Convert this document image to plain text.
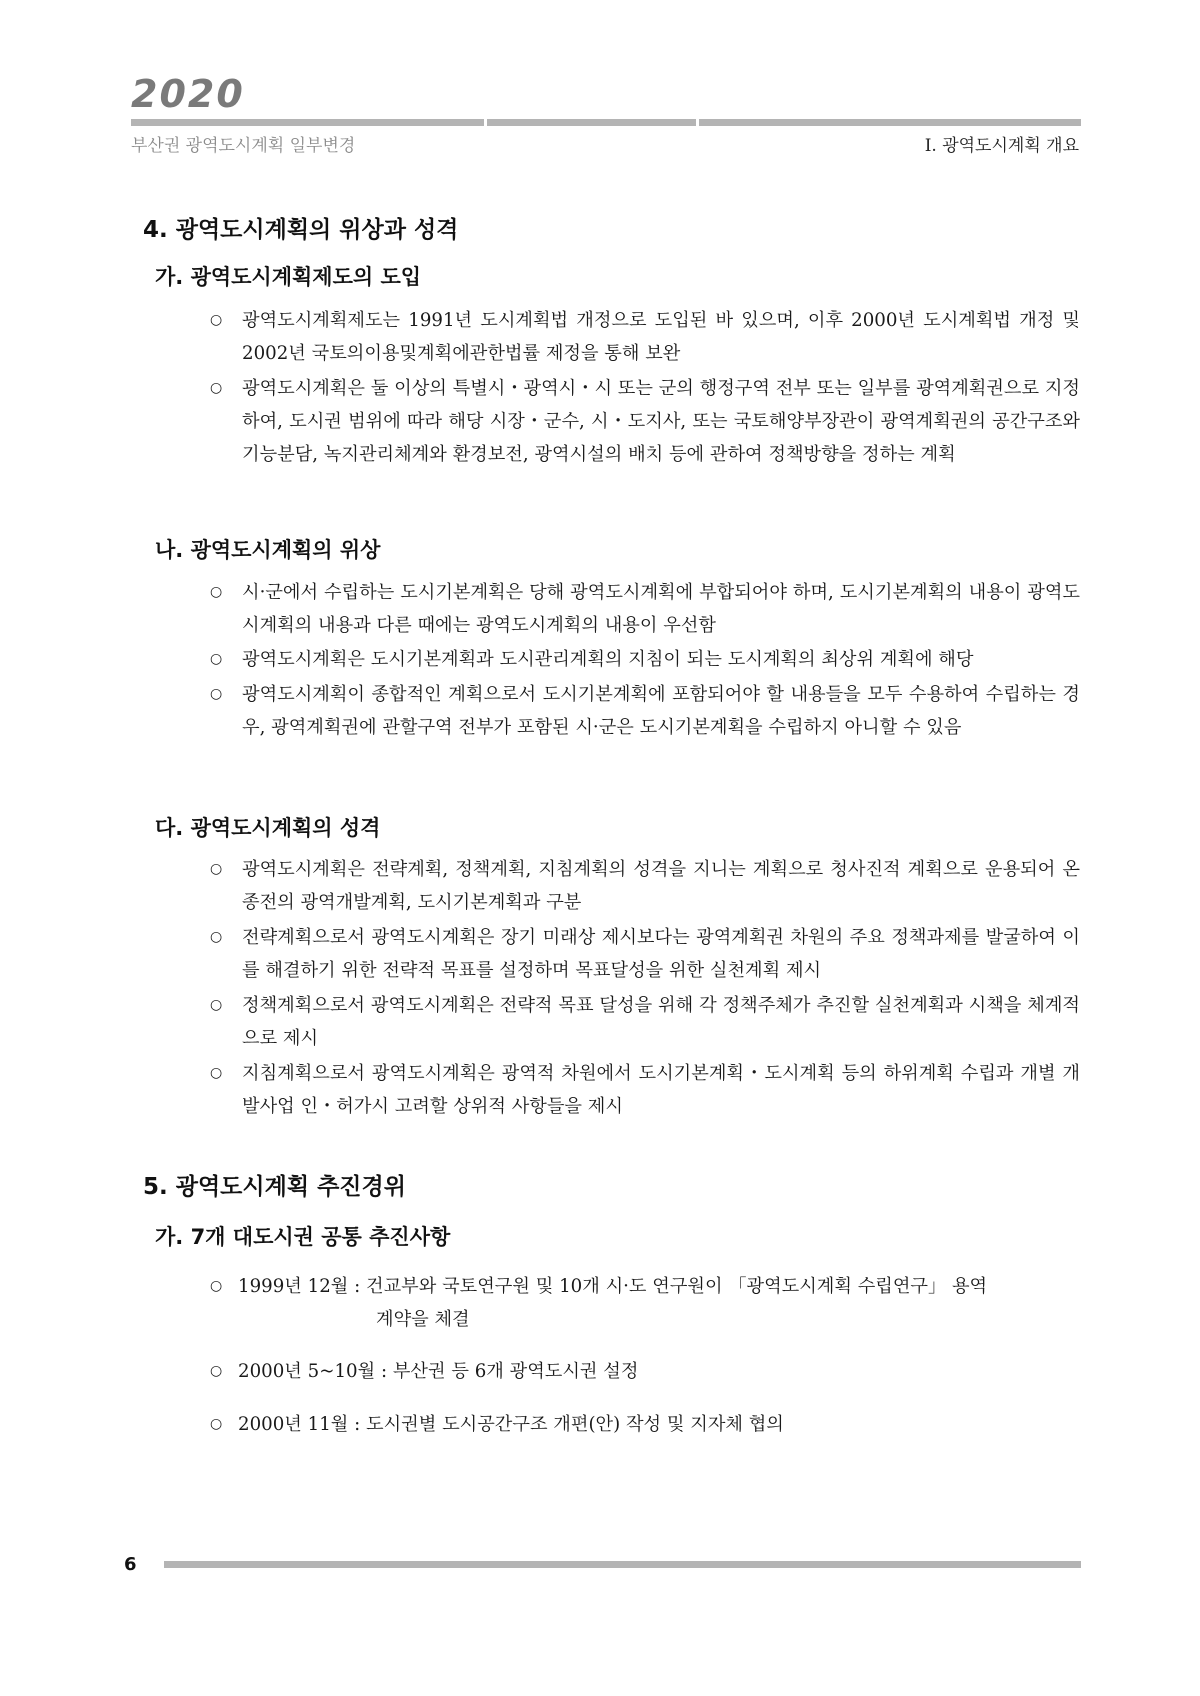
2020
부산권 광역도시계획 일부변경	Ⅰ. 광역도시계획 개요
4. 광역도시계획의 위상과 성격
가. 광역도시계획제도의 도입
○	광역도시계획제도는 1991년 도시계획법 개정으로 도입된 바 있으며, 이후 2000년 도시계획법 개정 및 2002년 국토의이용및계획에관한법률 제정을 통해 보완
○	광역도시계획은 둘 이상의 특별시・광역시・시 또는 군의 행정구역 전부 또는 일부를 광역계획권으로 지정하여, 도시권 범위에 따라 해당 시장・군수, 시・도지사, 또는 국토해양부장관이 광역계획권의 공간구조와 기능분담, 녹지관리체계와 환경보전, 광역시설의 배치 등에 관하여 정책방향을 정하는 계획
나. 광역도시계획의 위상
○	시·군에서 수립하는 도시기본계획은 당해 광역도시계획에 부합되어야 하며, 도시기본계획의 내용이 광역도시계획의 내용과 다른 때에는 광역도시계획의 내용이 우선함
○	광역도시계획은 도시기본계획과 도시관리계획의 지침이 되는 도시계획의 최상위 계획에 해당
○	광역도시계획이 종합적인 계획으로서 도시기본계획에 포함되어야 할 내용들을 모두 수용하여 수립하는 경우, 광역계획권에 관할구역 전부가 포함된 시·군은 도시기본계획을 수립하지 아니할 수 있음
다. 광역도시계획의 성격
○	광역도시계획은 전략계획, 정책계획, 지침계획의 성격을 지니는 계획으로 청사진적 계획으로 운용되어 온 종전의 광역개발계획, 도시기본계획과 구분
○	전략계획으로서 광역도시계획은 장기 미래상 제시보다는 광역계획권 차원의 주요 정책과제를 발굴하여 이를 해결하기 위한 전략적 목표를 설정하며 목표달성을 위한 실천계획 제시
○	정책계획으로서 광역도시계획은 전략적 목표 달성을 위해 각 정책주체가 추진할 실천계획과 시책을 체계적으로 제시
○	지침계획으로서 광역도시계획은 광역적 차원에서 도시기본계획・도시계획 등의 하위계획 수립과 개별 개발사업 인・허가시 고려할 상위적 사항들을 제시
5. 광역도시계획 추진경위
가. 7개 대도시권 공통 추진사항
○ 1999년 12월 : 건교부와 국토연구원 및 10개 시·도 연구원이 「광역도시계획 수립연구」 용역
계약을 체결
○ 2000년 5~10월 : 부산권 등 6개 광역도시권 설정
○ 2000년 11월 : 도시권별 도시공간구조 개편(안) 작성 및 지자체 협의
6
